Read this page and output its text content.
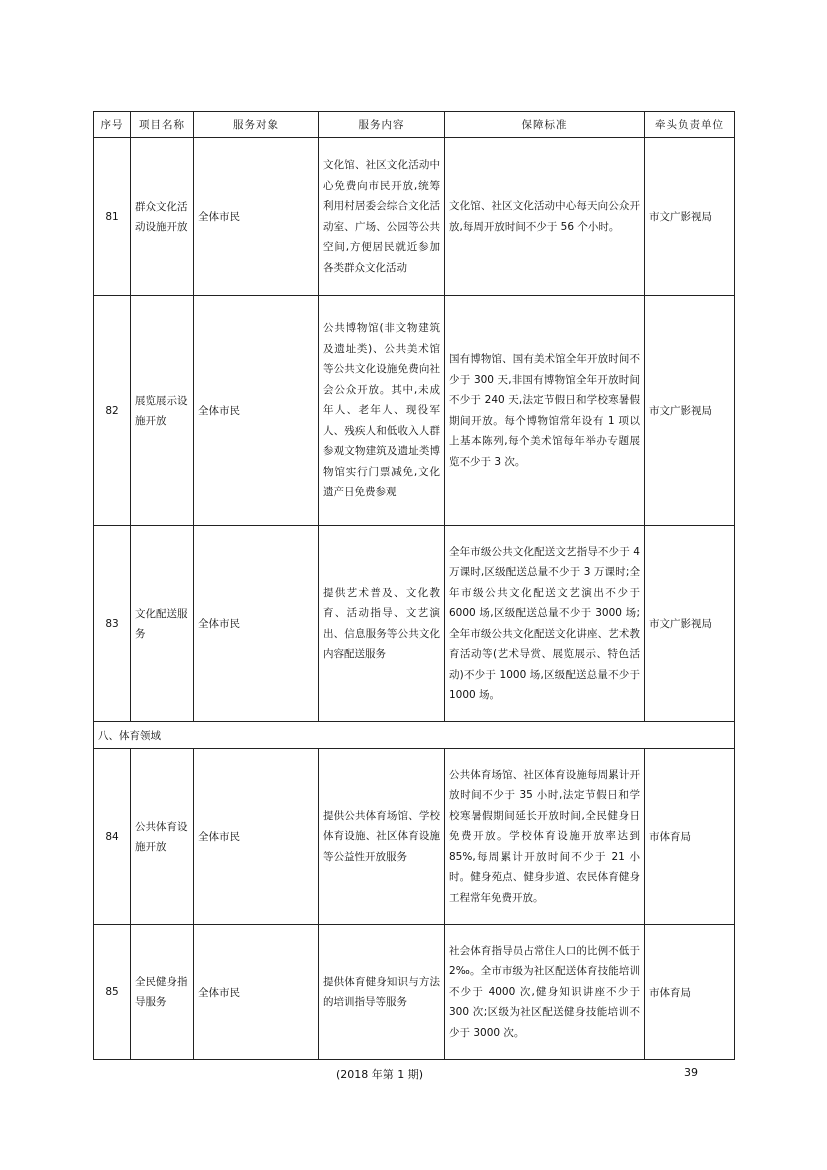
序号	项目名称	服务对象	服务内容	保障标准	牵头负责单位
81	群众文化活动设施开放	全体市民	文化馆、社区文化活动中心免费向市民开放,统筹利用村居委会综合文化活动室、广场、公园等公共空间,方便居民就近参加各类群众文化活动	文化馆、社区文化活动中心每天向公众开放,每周开放时间不少于 56 个小时。	市文广影视局
82	展览展示设施开放	全体市民	公共博物馆(非文物建筑及遗址类)、公共美术馆等公共文化设施免费向社会公众开放。其中,未成年人、老年人、现役军人、残疾人和低收入人群参观文物建筑及遗址类博物馆实行门票减免,文化遗产日免费参观	国有博物馆、国有美术馆全年开放时间不少于 300 天,非国有博物馆全年开放时间不少于 240 天,法定节假日和学校寒暑假期间开放。每个博物馆常年设有 1 项以上基本陈列,每个美术馆每年举办专题展览不少于 3 次。	市文广影视局
83	文化配送服务	全体市民	提供艺术普及、文化教育、活动指导、文艺演出、信息服务等公共文化内容配送服务	全年市级公共文化配送文艺指导不少于 4 万课时,区级配送总量不少于 3 万课时;全年市级公共文化配送文艺演出不少于 6000 场,区级配送总量不少于 3000 场;全年市级公共文化配送文化讲座、艺术教育活动等(艺术导赏、展览展示、特色活动)不少于 1000 场,区级配送总量不少于 1000 场。	市文广影视局
八、体育领域					
84	公共体育设施开放	全体市民	提供公共体育场馆、学校体育设施、社区体育设施等公益性开放服务	公共体育场馆、社区体育设施每周累计开放时间不少于 35 小时,法定节假日和学校寒暑假期间延长开放时间,全民健身日免费开放。学校体育设施开放率达到 85%,每周累计开放时间不少于 21 小时。健身苑点、健身步道、农民体育健身工程常年免费开放。	市体育局
85	全民健身指导服务	全体市民	提供体育健身知识与方法的培训指导等服务	社会体育指导员占常住人口的比例不低于 2‰。全市市级为社区配送体育技能培训不少于 4000 次,健身知识讲座不少于 300 次;区级为社区配送健身技能培训不少于 3000 次。	市体育局
(2018 年第 1 期)	39
